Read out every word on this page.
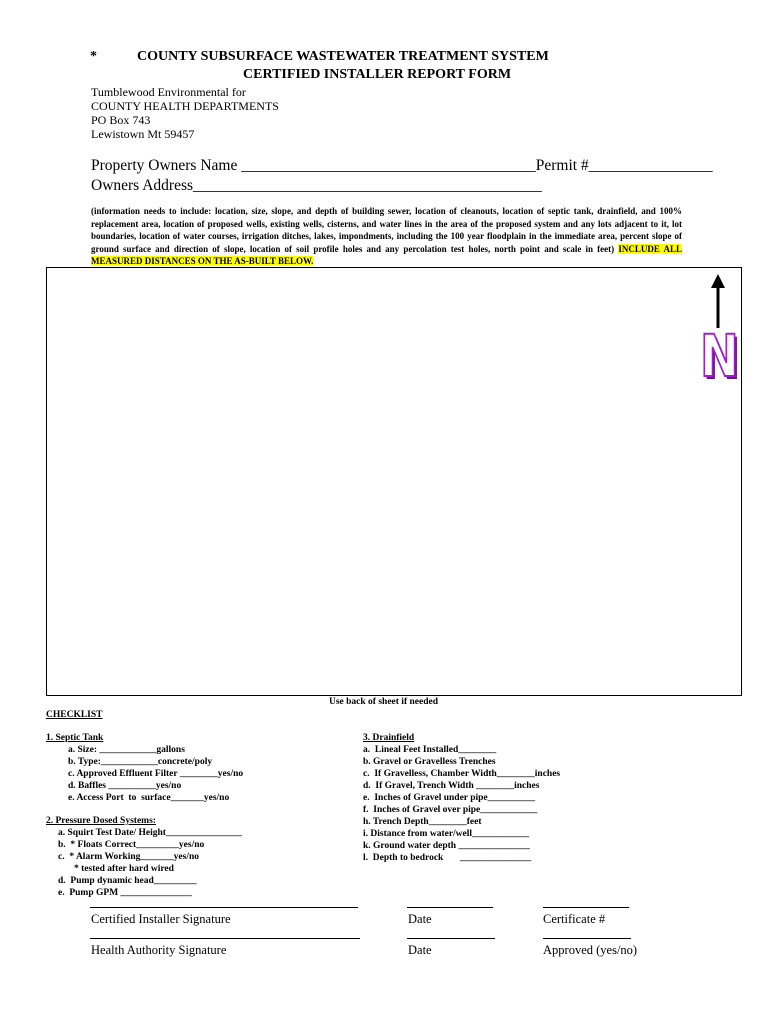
*	COUNTY SUBSURFACE WASTEWATER TREATMENT SYSTEM
CERTIFIED INSTALLER REPORT FORM
Tumblewood Environmental for
COUNTY HEALTH DEPARTMENTS
PO Box 743
Lewistown Mt 59457
Property Owners Name ______________________________________Permit #________________
Owners Address_____________________________________________
(information needs to include: location, size, slope, and depth of building sewer, location of cleanouts, location of septic tank, drainfield, and 100% replacement area, location of proposed wells, existing wells, cisterns, and water lines in the area of the proposed system and any lots adjacent to it, lot boundaries, location of water courses, irrigation ditches, lakes, impondments, including the 100 year floodplain in the immediate area, percent slope of ground surface and direction of slope, location of soil profile holes and any percolation test holes, north point and scale in feet) INCLUDE ALL MEASURED DISTANCES ON THE AS-BUILT BELOW.
N
Use back of sheet if needed
CHECKLIST
1. Septic Tank
a. Size: ____________gallons
b. Type:____________concrete/poly
c. Approved Effluent Filter ________yes/no
d. Baffles __________yes/no
e. Access Port  to  surface_______yes/no
2. Pressure Dosed Systems:
a. Squirt Test Date/ Height________________
b.  * Floats Correct_________yes/no
c.  * Alarm Working_______yes/no
* tested after hard wired
d.  Pump dynamic head_________
e.  Pump GPM _______________
3. Drainfield
a.  Lineal Feet Installed________
b. Gravel or Gravelless Trenches
c.  If Gravelless, Chamber Width________inches
d.  If Gravel, Trench Width ________inches
e.  Inches of Gravel under pipe__________
f.  Inches of Gravel over pipe____________
h. Trench Depth________feet
i. Distance from water/well____________
k. Ground water depth _______________
l.  Depth to bedrock       _______________
Certified Installer Signature	Date	Certificate #
Health Authority Signature	Date	Approved (yes/no)
